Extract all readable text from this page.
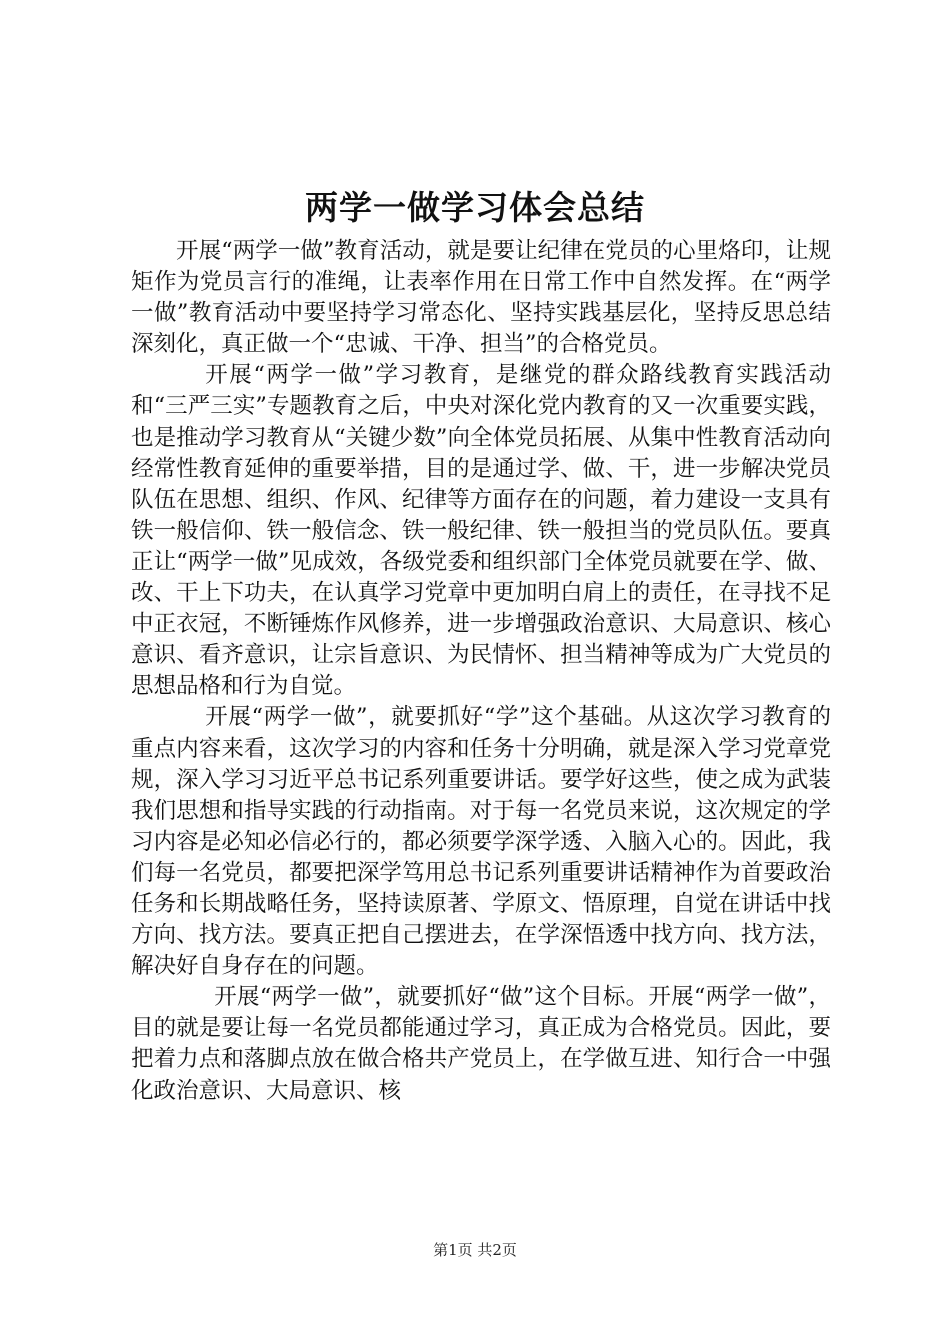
两学一做学习体会总结

开展“两学一做”教育活动，就是要让纪律在党员的心里烙印，让规矩作为党员言行的准绳，让表率作用在日常工作中自然发挥。在“两学一做”教育活动中要坚持学习常态化、坚持实践基层化，坚持反思总结深刻化，真正做一个“忠诚、干净、担当”的合格党员。

开展“两学一做”学习教育，是继党的群众路线教育实践活动和“三严三实”专题教育之后，中央对深化党内教育的又一次重要实践，也是推动学习教育从“关键少数”向全体党员拓展、从集中性教育活动向经常性教育延伸的重要举措，目的是通过学、做、干，进一步解决党员队伍在思想、组织、作风、纪律等方面存在的问题，着力建设一支具有铁一般信仰、铁一般信念、铁一般纪律、铁一般担当的党员队伍。要真正让“两学一做”见成效，各级党委和组织部门全体党员就要在学、做、改、干上下功夫，在认真学习党章中更加明白肩上的责任，在寻找不足中正衣冠，不断锤炼作风修养，进一步增强政治意识、大局意识、核心意识、看齐意识，让宗旨意识、为民情怀、担当精神等成为广大党员的思想品格和行为自觉。

开展“两学一做”，就要抓好“学”这个基础。从这次学习教育的重点内容来看，这次学习的内容和任务十分明确，就是深入学习党章党规，深入学习习近平总书记系列重要讲话。要学好这些，使之成为武装我们思想和指导实践的行动指南。对于每一名党员来说，这次规定的学习内容是必知必信必行的，都必须要学深学透、入脑入心的。因此，我们每一名党员，都要把深学笃用总书记系列重要讲话精神作为首要政治任务和长期战略任务，坚持读原著、学原文、悟原理，自觉在讲话中找方向、找方法。要真正把自己摆进去，在学深悟透中找方向、找方法，解决好自身存在的问题。

开展“两学一做”，就要抓好“做”这个目标。开展“两学一做”，目的就是要让每一名党员都能通过学习，真正成为合格党员。因此，要把着力点和落脚点放在做合格共产党员上，在学做互进、知行合一中强化政治意识、大局意识、核

第1页 共2页
